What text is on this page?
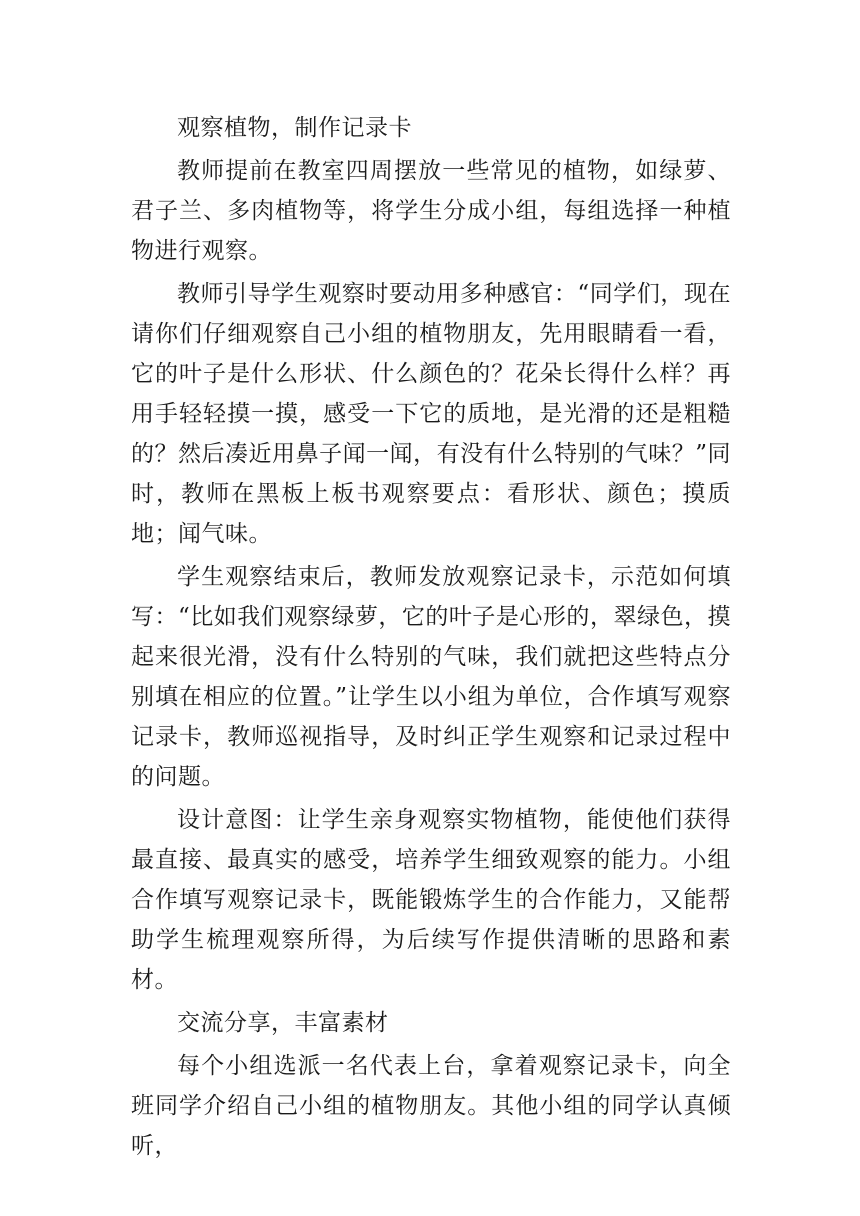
观察植物，制作记录卡

教师提前在教室四周摆放一些常见的植物，如绿萝、君子兰、多肉植物等，将学生分成小组，每组选择一种植物进行观察。

教师引导学生观察时要动用多种感官：“同学们，现在请你们仔细观察自己小组的植物朋友，先用眼睛看一看，它的叶子是什么形状、什么颜色的？花朵长得什么样？再用手轻轻摸一摸，感受一下它的质地，是光滑的还是粗糙的？然后凑近用鼻子闻一闻，有没有什么特别的气味？”同时，教师在黑板上板书观察要点：看形状、颜色；摸质地；闻气味。

学生观察结束后，教师发放观察记录卡，示范如何填写：“比如我们观察绿萝，它的叶子是心形的，翠绿色，摸起来很光滑，没有什么特别的气味，我们就把这些特点分别填在相应的位置。”让学生以小组为单位，合作填写观察记录卡，教师巡视指导，及时纠正学生观察和记录过程中的问题。

设计意图：让学生亲身观察实物植物，能使他们获得最直接、最真实的感受，培养学生细致观察的能力。小组合作填写观察记录卡，既能锻炼学生的合作能力，又能帮助学生梳理观察所得，为后续写作提供清晰的思路和素材。

交流分享，丰富素材

每个小组选派一名代表上台，拿着观察记录卡，向全班同学介绍自己小组的植物朋友。其他小组的同学认真倾听，
